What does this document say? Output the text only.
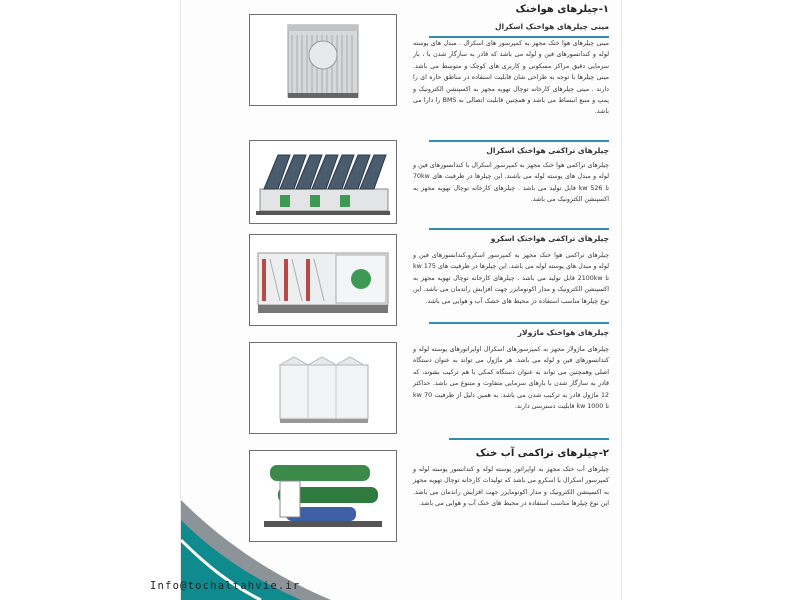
۱-چیلرهای هواخنک
مینی چیلرهای هواخنک اسکرال
مینی چیلرهای هوا خنک مجهز به کمپرسور های اسکرال . مبدل های پوسته لوله و کندانسورهای فین و لوله می باشد که قادر به سازگار شدن با ، بار سرمایی دقیق مراکز مسکونی و کاربری های کوچک و متوسط می باشد. مینی چیلرها با توجه به طراحی شان قابلیت استفاده در مناطق حاره ای را دارند . مینی چیلرهای کارخانه توچال تهویه مجهز به اکسپنشن الکترونیک و پمپ و منبع انبساط می باشد و همچنین قابلیت اتصالی به BMS را دارا می باشد.
چیلرهای تراکمی هواخنک اسکرال
چیلرهای تراکمی هوا خنک مجهز به کمپرسور اسکرال با کندانسورهای فین و لوله و مبدل های پوسته لوله می باشند. این چیلرها در ظرفیت های 70kw تا 526 kw قابل تولید می باشد . چیلرهای کارخانه توچال تهویه مجهز به اکسپنشن الکترونیک می باشد.
چیلرهای تراکمی هواخنک اسکرو
چیلرهای تراکمی هوا خنک مجهز به کمپرسور اسکرو،کندانسورهای فین و لوله و مبدل های پوسته لوله می باشد. این چیلرها در ظرفیت های 175 kw تا 2100kw قابل تولید می باشد . چیلرهای کارخانه توچال تهویه مجهز به اکسپنشن الکترونیک و مدار اکونومایزر جهت افزایش راندمان می باشد. این نوع چیلرها مناسب استفاده در محیط های خشک آب و هوایی می باشد.
چیلرهای هواخنک ماژولار
چیلرهای ماژولار مجهز به کمپرسورهای اسکرال اواپراتورهای پوسته لوله و کندانسورهای فین و لوله می باشد. هر ماژول می تواند به عنوان دستگاه اصلی وهمچنین می تواند به عنوان دستگاه کمکی با هم ترکیب بشوند، که قادر به سازگار شدن با بارهای سرمایی متفاوت و متنوع می باشد. حداکثر 12 ماژول قادر به ترکیب شدن می باشد. به همین دلیل از ظرفیت 70 kw تا 1000 kw قابلیت دسترسی دارند.
۲-چیلرهای تراکمی آب خنک
چیلرهای آب خنک مجهز به اواپراتور پوسته لوله و کندانسور پوسته لوله و کمپرسور اسکرال یا اسکرو می باشد که تولیدات کارخانه توچال تهویه مجهز به اکسپنشن الکترونیک و مدار اکونومایزر جهت افزایش راندمان می باشد. این نوع چیلرها مناسب استفاده در محیط های خنک آب و هوایی می باشد.
Info@tochaltahvie.ir
